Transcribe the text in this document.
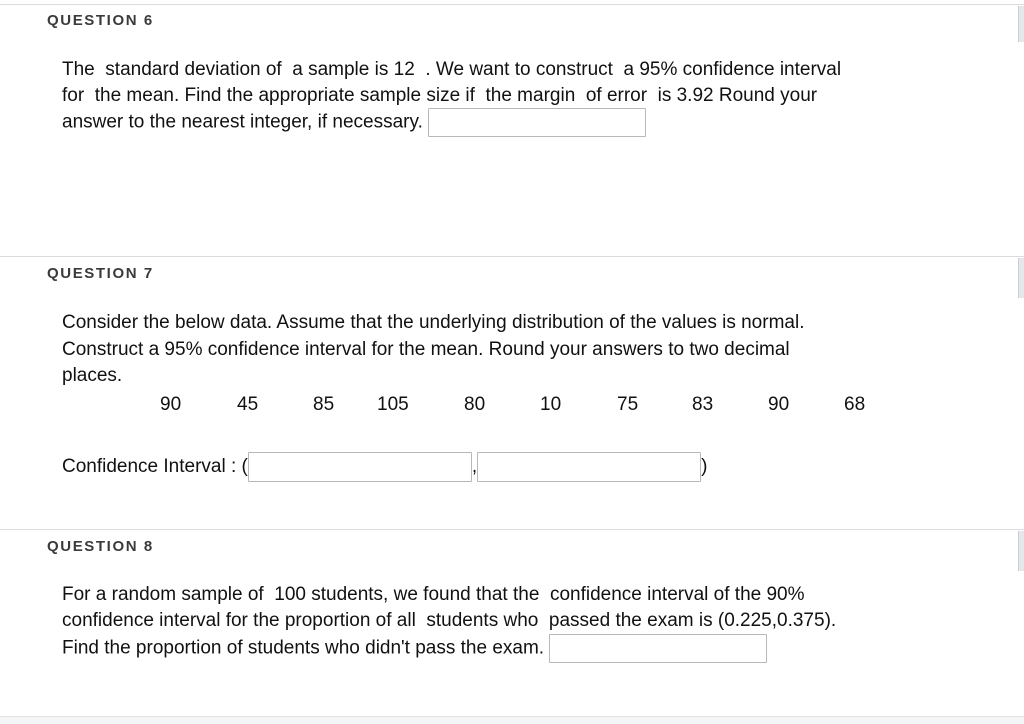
QUESTION 6
The  standard deviation of  a sample is 12  . We want to construct  a 95% confidence interval
for  the mean. Find the appropriate sample size if  the margin  of error  is 3.92 Round your
answer to the nearest integer, if necessary.
QUESTION 7
Consider the below data. Assume that the underlying distribution of the values is normal.
Construct a 95% confidence interval for the mean. Round your answers to two decimal
places.
90	45	85 105	80	10	75	83	90	68
Confidence Interval : (	,	)
QUESTION 8
For a random sample of  100 students, we found that the  confidence interval of the 90%
confidence interval for the proportion of all  students who  passed the exam is (0.225,0.375).
Find the proportion of students who didn't pass the exam.
